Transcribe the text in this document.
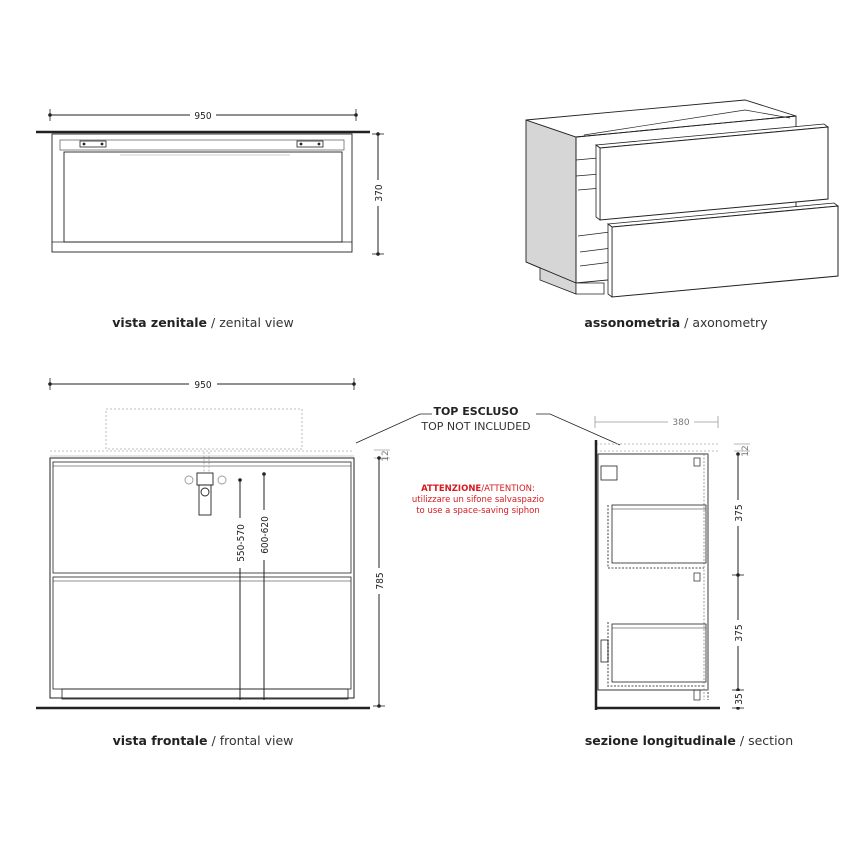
950
370
vista zenitale / zenital view	assonometria / axonometry
950
550-570 600-620
12
785
vista frontale / frontal view
TOP ESCLUSO
TOP NOT INCLUDED
ATTENZIONE/ATTENTION:
utilizzare un sifone salvaspazio
to use a space-saving siphon
380
12
375
375
35
sezione longitudinale / section
